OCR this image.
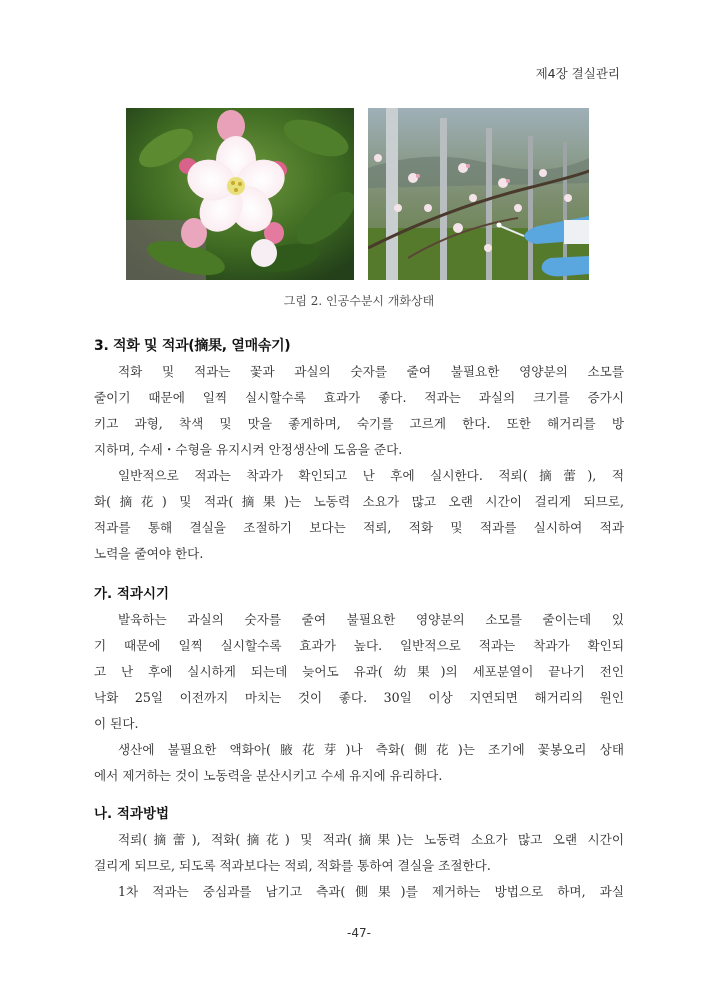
제4장 결실관리
그림 2. 인공수분시 개화상태
3. 적화 및 적과(摘果, 열매솎기)
적화 및 적과는 꽃과 과실의 숫자를 줄여 불필요한 영양분의 소모를
줄이기 때문에 일찍 실시할수록 효과가 좋다. 적과는 과실의 크기를 증가시
키고 과형, 착색 및 맛을 좋게하며, 숙기를 고르게 한다. 또한 해거리를 방
지하며, 수세・수형을 유지시켜 안정생산에 도움을 준다.
일반적으로 적과는 착과가 확인되고 난 후에 실시한다. 적뢰(摘蕾), 적
화(摘花) 및 적과(摘果)는 노동력 소요가 많고 오랜 시간이 걸리게 되므로,
적과를 통해 결실을 조절하기 보다는 적뢰, 적화 및 적과를 실시하여 적과
노력을 줄여야 한다.
가. 적과시기
발육하는 과실의 숫자를 줄여 불필요한 영양분의 소모를 줄이는데 있
기 때문에 일찍 실시할수록 효과가 높다. 일반적으로 적과는 착과가 확인되
고 난 후에 실시하게 되는데 늦어도 유과(幼果)의 세포분열이 끝나기 전인
낙화 25일 이전까지 마치는 것이 좋다. 30일 이상 지연되면 해거리의 원인
이 된다.
생산에 불필요한 액화아(腋花芽)나 측화(側花)는 조기에 꽃봉오리 상태
에서 제거하는 것이 노동력을 분산시키고 수세 유지에 유리하다.
나. 적과방법
적뢰(摘蕾), 적화(摘花) 및 적과(摘果)는 노동력 소요가 많고 오랜 시간이
걸리게 되므로, 되도록 적과보다는 적뢰, 적화를 통하여 결실을 조절한다.
1차 적과는 중심과를 남기고 측과(側果)를 제거하는 방법으로 하며, 과실
-47-
